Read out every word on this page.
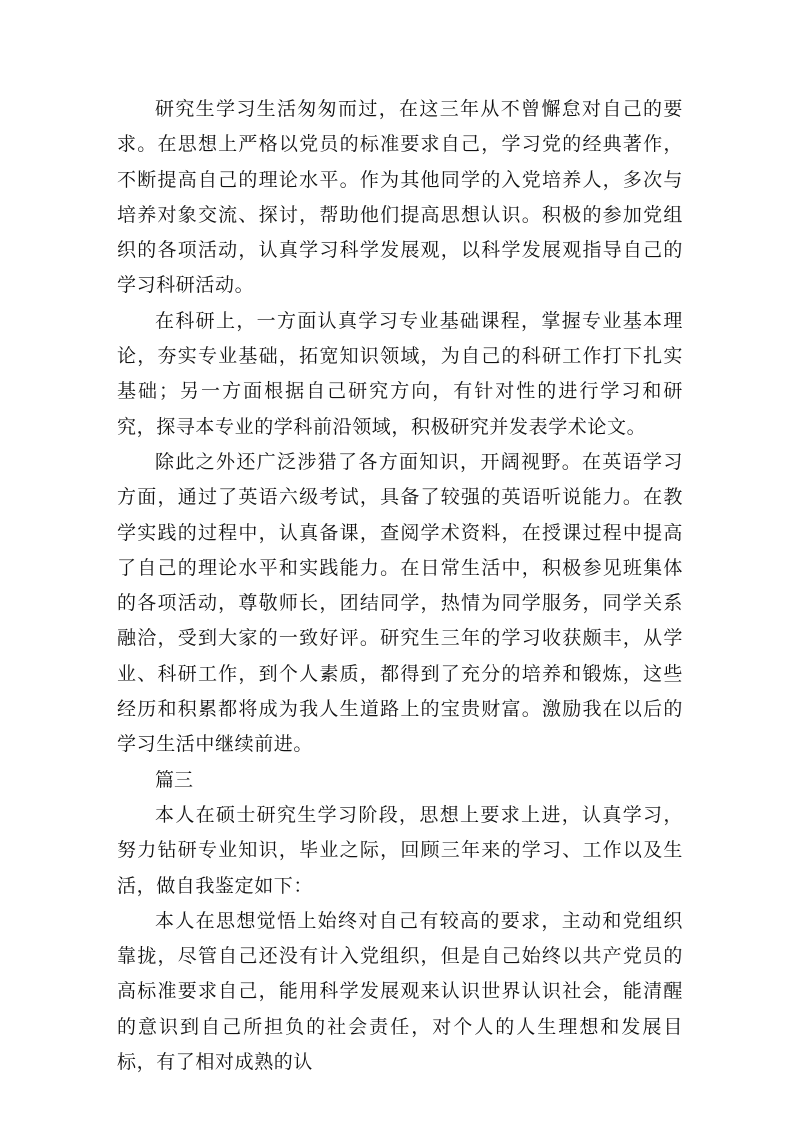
研究生学习生活匆匆而过，在这三年从不曾懈怠对自己的要求。在思想上严格以党员的标准要求自己，学习党的经典著作，不断提高自己的理论水平。作为其他同学的入党培养人，多次与培养对象交流、探讨，帮助他们提高思想认识。积极的参加党组织的各项活动，认真学习科学发展观，以科学发展观指导自己的学习科研活动。

在科研上，一方面认真学习专业基础课程，掌握专业基本理论，夯实专业基础，拓宽知识领域，为自己的科研工作打下扎实基础；另一方面根据自己研究方向，有针对性的进行学习和研究，探寻本专业的学科前沿领域，积极研究并发表学术论文。

除此之外还广泛涉猎了各方面知识，开阔视野。在英语学习方面，通过了英语六级考试，具备了较强的英语听说能力。在教学实践的过程中，认真备课，查阅学术资料，在授课过程中提高了自己的理论水平和实践能力。在日常生活中，积极参见班集体的各项活动，尊敬师长，团结同学，热情为同学服务，同学关系融洽，受到大家的一致好评。研究生三年的学习收获颇丰，从学业、科研工作，到个人素质，都得到了充分的培养和锻炼，这些经历和积累都将成为我人生道路上的宝贵财富。激励我在以后的学习生活中继续前进。

篇三

本人在硕士研究生学习阶段，思想上要求上进，认真学习，努力钻研专业知识，毕业之际，回顾三年来的学习、工作以及生活，做自我鉴定如下：

本人在思想觉悟上始终对自己有较高的要求，主动和党组织靠拢，尽管自己还没有计入党组织，但是自己始终以共产党员的高标准要求自己，能用科学发展观来认识世界认识社会，能清醒的意识到自己所担负的社会责任，对个人的人生理想和发展目标，有了相对成熟的认
